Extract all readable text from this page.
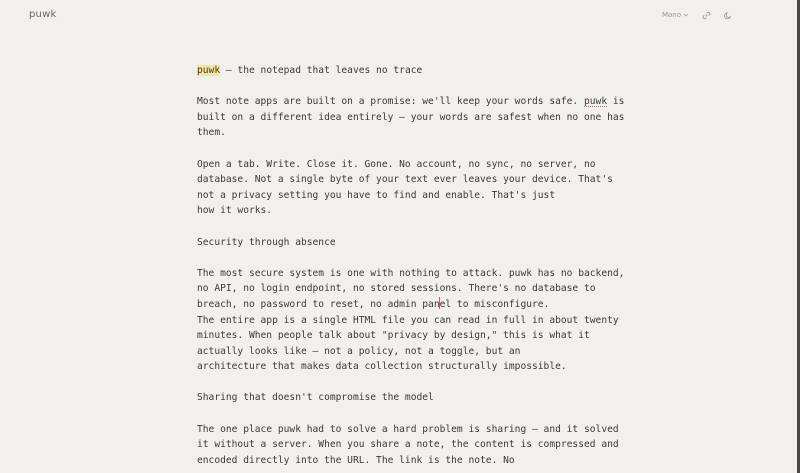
puwk	Mono

puwk — the notepad that leaves no trace

Most note apps are built on a promise: we'll keep your words safe. puwk is

built on a different idea entirely — your words are safest when no one has

them.

Open a tab. Write. Close it. Gone. No account, no sync, no server, no

database. Not a single byte of your text ever leaves your device. That's

not a privacy setting you have to find and enable. That's just

how it works.

Security through absence

The most secure system is one with nothing to attack. puwk has no backend,

no API, no login endpoint, no stored sessions. There's no database to

breach, no password to reset, no admin panel to misconfigure.

The entire app is a single HTML file you can read in full in about twenty

minutes. When people talk about "privacy by design," this is what it

actually looks like — not a policy, not a toggle, but an

architecture that makes data collection structurally impossible.

Sharing that doesn't compromise the model

The one place puwk had to solve a hard problem is sharing — and it solved

it without a server. When you share a note, the content is compressed and

encoded directly into the URL. The link is the note. No
